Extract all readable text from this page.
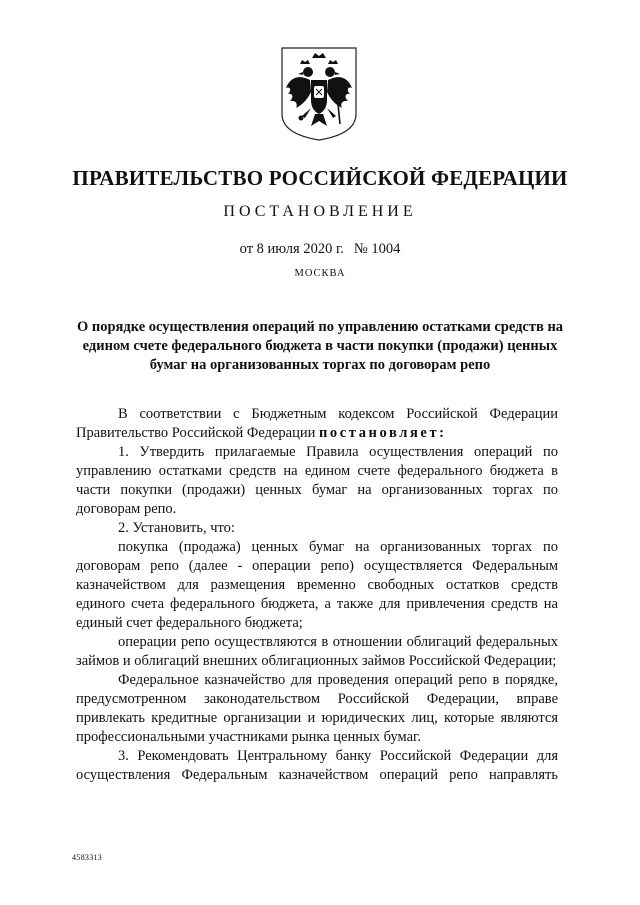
ПРАВИТЕЛЬСТВО РОССИЙСКОЙ ФЕДЕРАЦИИ
ПОСТАНОВЛЕНИЕ
от 8 июля 2020 г. № 1004
МОСКВА
О порядке осуществления операций по управлению остатками средств на едином счете федерального бюджета в части покупки (продажи) ценных бумаг на организованных торгах по договорам репо

В соответствии с Бюджетным кодексом Российской Федерации Правительство Российской Федерации постановляет:

1. Утвердить прилагаемые Правила осуществления операций по управлению остатками средств на едином счете федерального бюджета в части покупки (продажи) ценных бумаг на организованных торгах по договорам репо.

2. Установить, что:

покупка (продажа) ценных бумаг на организованных торгах по договорам репо (далее - операции репо) осуществляется Федеральным казначейством для размещения временно свободных остатков средств единого счета федерального бюджета, а также для привлечения средств на единый счет федерального бюджета;

операции репо осуществляются в отношении облигаций федеральных займов и облигаций внешних облигационных займов Российской Федерации;

Федеральное казначейство для проведения операций репо в порядке, предусмотренном законодательством Российской Федерации, вправе привлекать кредитные организации и юридических лиц, которые являются профессиональными участниками рынка ценных бумаг.

3. Рекомендовать Центральному банку Российской Федерации для осуществления Федеральным казначейством операций репо направлять

4583313
